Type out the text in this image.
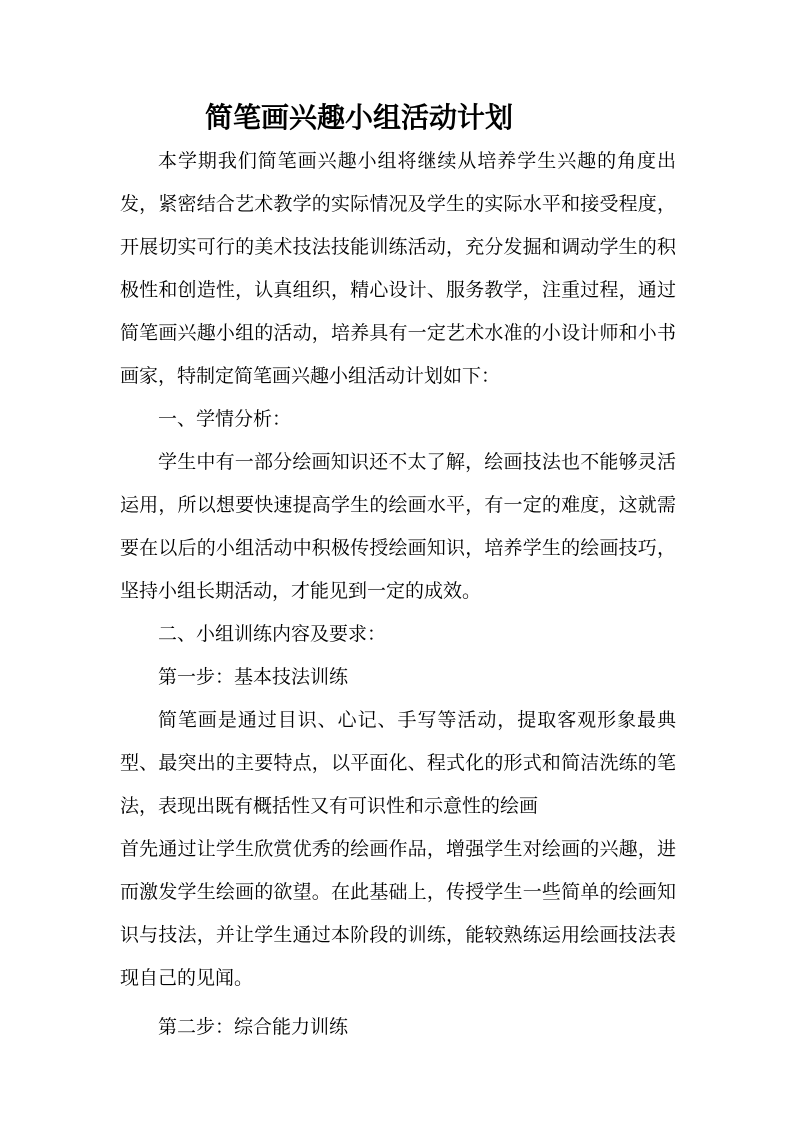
简笔画兴趣小组活动计划

本学期我们简笔画兴趣小组将继续从培养学生兴趣的角度出发，紧密结合艺术教学的实际情况及学生的实际水平和接受程度，开展切实可行的美术技法技能训练活动，充分发掘和调动学生的积极性和创造性，认真组织，精心设计、服务教学，注重过程，通过简笔画兴趣小组的活动，培养具有一定艺术水准的小设计师和小书画家，特制定简笔画兴趣小组活动计划如下：

一、学情分析：

学生中有一部分绘画知识还不太了解，绘画技法也不能够灵活运用，所以想要快速提高学生的绘画水平，有一定的难度，这就需要在以后的小组活动中积极传授绘画知识，培养学生的绘画技巧，坚持小组长期活动，才能见到一定的成效。

二、小组训练内容及要求：

第一步：基本技法训练

简笔画是通过目识、心记、手写等活动，提取客观形象最典型、最突出的主要特点，以平面化、程式化的形式和简洁洗练的笔法，表现出既有概括性又有可识性和示意性的绘画

首先通过让学生欣赏优秀的绘画作品，增强学生对绘画的兴趣，进而激发学生绘画的欲望。在此基础上，传授学生一些简单的绘画知识与技法，并让学生通过本阶段的训练，能较熟练运用绘画技法表现自己的见闻。

第二步：综合能力训练
